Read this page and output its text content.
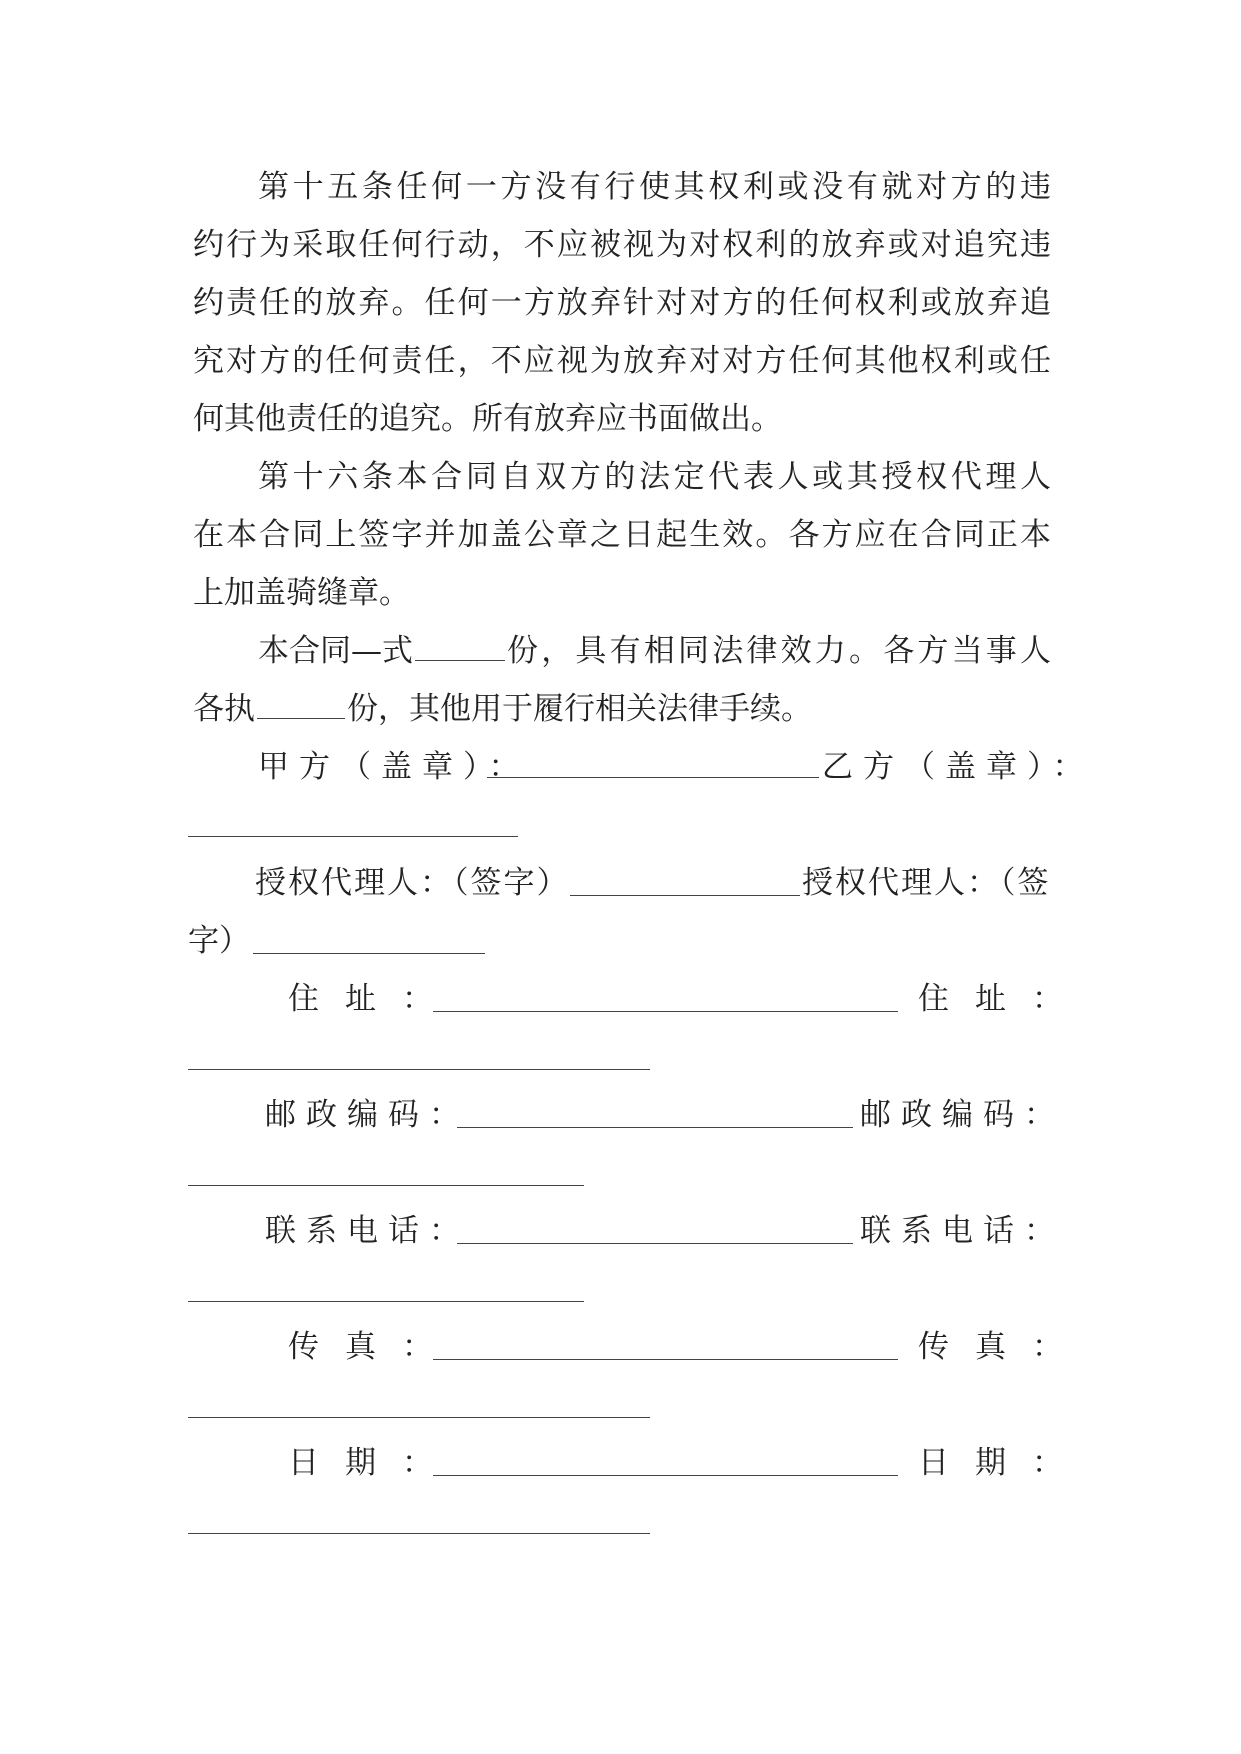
第十五条任何一方没有行使其权利或没有就对方的违
约行为采取任何行动，不应被视为对权利的放弃或对追究违
约责任的放弃。任何一方放弃针对对方的任何权利或放弃追
究对方的任何责任，不应视为放弃对对方任何其他权利或任
何其他责任的追究。所有放弃应书面做出。
第十六条本合同自双方的法定代表人或其授权代理人
在本合同上签字并加盖公章之日起生效。各方应在合同正本
上加盖骑缝章。
本合同—式	份，具有相同法律效力。各方当事人
各执	份，其他用于履行相关法律手续。
甲方（盖章）：	乙方（盖章）：
授权代理人：（签字）	授权代理人：（签
字）
住址：	住址：
邮政编码：	邮政编码：
联系电话：	联系电话：
传真：	传真：
日期：	日期：
